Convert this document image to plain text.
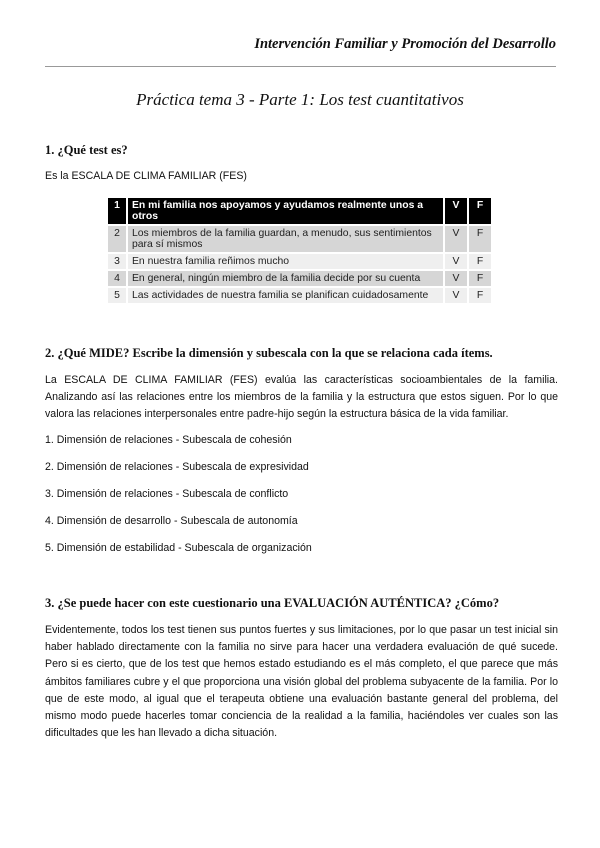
Intervención Familiar y Promoción del Desarrollo
Práctica tema 3 - Parte 1: Los test cuantitativos
1. ¿Qué test es?
Es la ESCALA DE CLIMA FAMILIAR (FES)
1	En mi familia nos apoyamos y ayudamos realmente unos a otros	V	F
2	Los miembros de la familia guardan, a menudo, sus sentimientos para sí mismos	V	F
3	En nuestra familia reñimos mucho	V	F
4	En general, ningún miembro de la familia decide por su cuenta	V	F
5	Las actividades de nuestra familia se planifican cuidadosamente	V	F
2. ¿Qué MIDE? Escribe la dimensión y subescala con la que se relaciona cada ítems.
La ESCALA DE CLIMA FAMILIAR (FES) evalúa las características socioambientales de la familia. Analizando así las relaciones entre los miembros de la familia y la estructura que estos siguen. Por lo que valora las relaciones interpersonales entre padre-hijo según la estructura básica de la vida familiar.
1. Dimensión de relaciones - Subescala de cohesión
2. Dimensión de relaciones - Subescala de expresividad
3. Dimensión de relaciones - Subescala de conflicto
4. Dimensión de desarrollo - Subescala de autonomía
5. Dimensión de estabilidad - Subescala de organización
3. ¿Se puede hacer con este cuestionario una EVALUACIÓN AUTÉNTICA? ¿Cómo?
Evidentemente, todos los test tienen sus puntos fuertes y sus limitaciones, por lo que pasar un test inicial sin haber hablado directamente con la familia no sirve para hacer una verdadera evaluación de qué sucede. Pero si es cierto, que de los test que hemos estado estudiando es el más completo, el que parece que más ámbitos familiares cubre y el que proporciona una visión global del problema subyacente de la familia. Por lo que de este modo, al igual que el terapeuta obtiene una evaluación bastante general del problema, del mismo modo puede hacerles tomar conciencia de la realidad a la familia, haciéndoles ver cuales son las dificultades que les han llevado a dicha situación.
